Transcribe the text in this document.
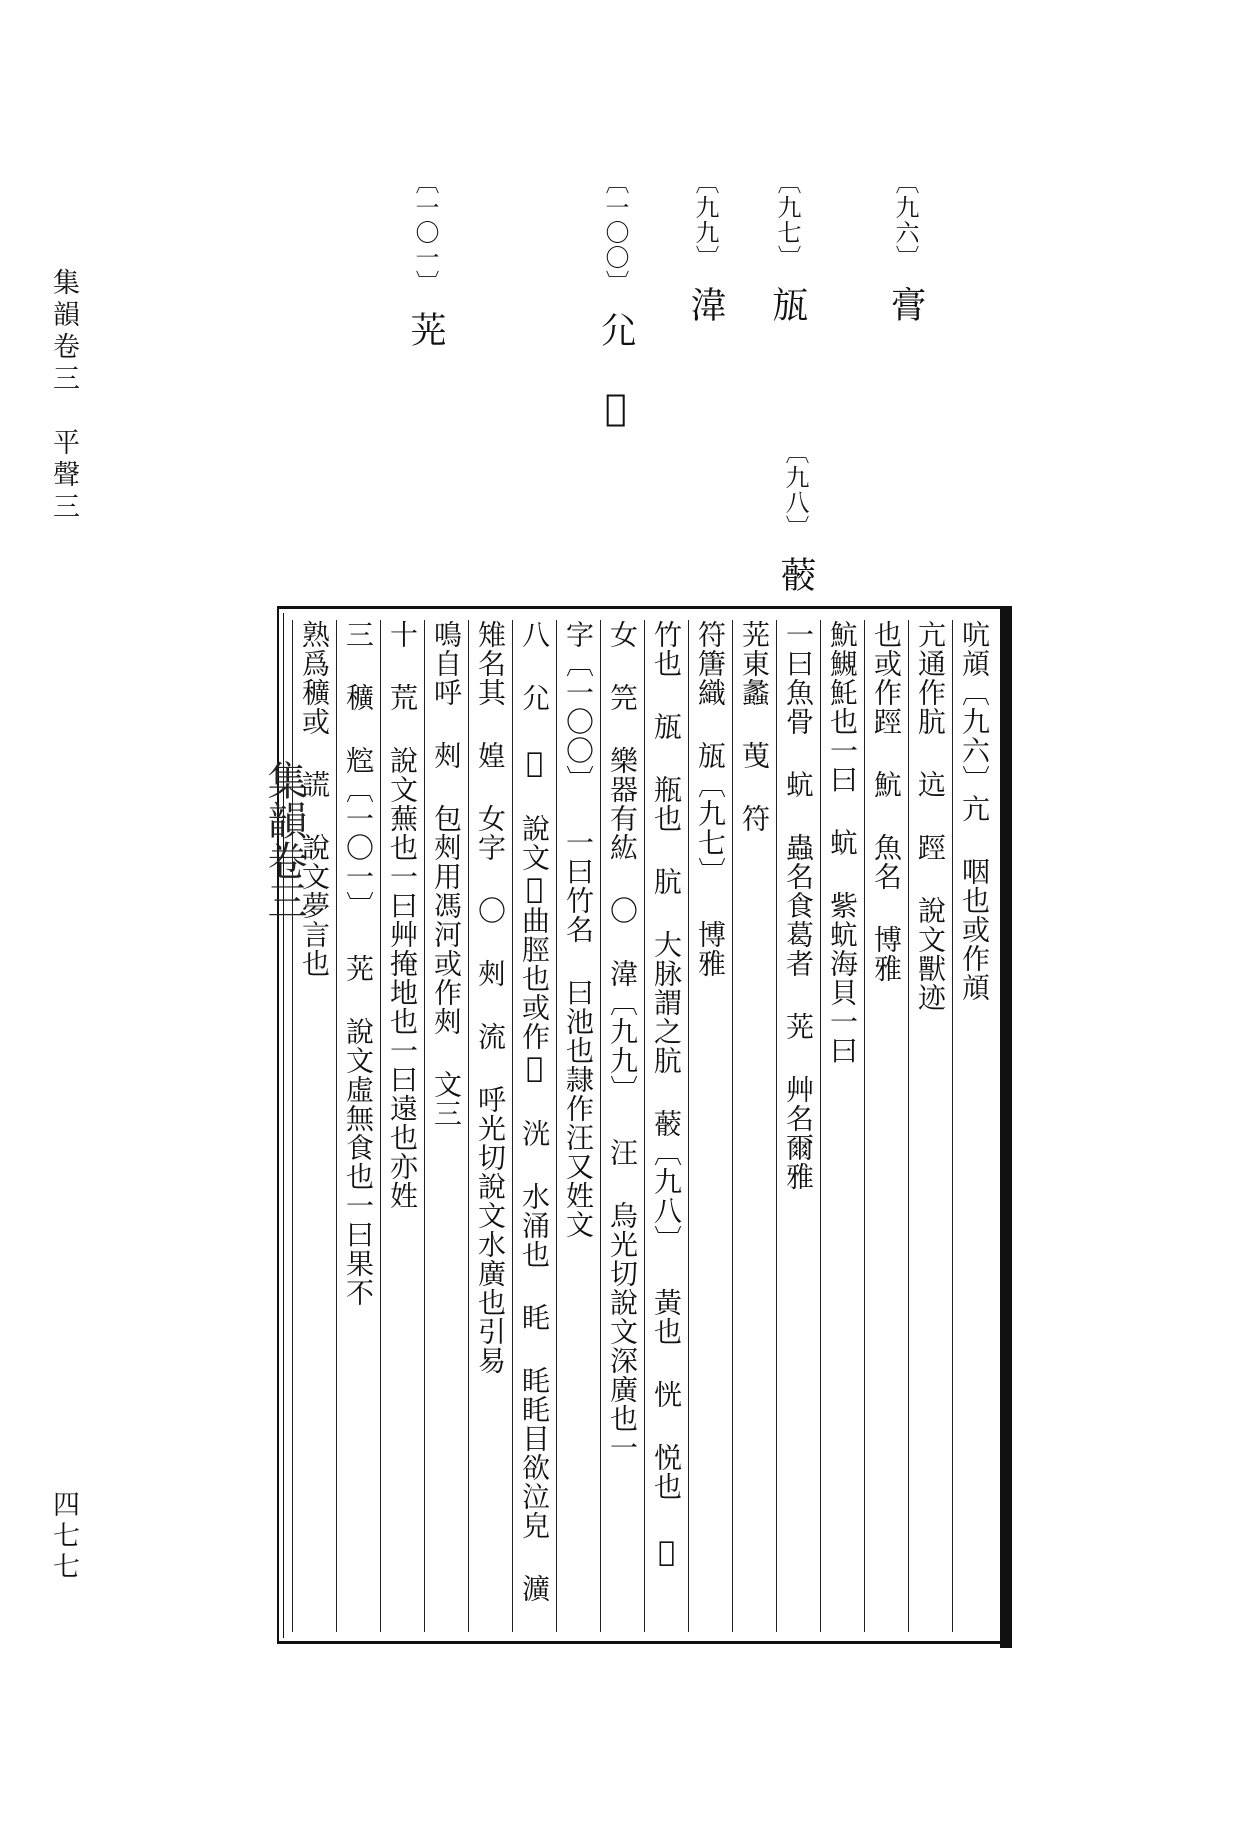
集韻卷三　平聲三
四七七
〔九六〕膏
〔九七〕瓬
〔九八〕䕧
〔九九〕湋
〔一〇〇〕尣 𥯄
〔一〇一〕茪
集韻卷三	吭頏〔九六〕亢 咽也或作頏
亢通作肮 迒 踁 說文獸迹
也或作踁 魧 魚名 博雅
魧䲅魠也一曰 蚢 紫蚢海貝一曰
一曰魚骨 蚢 蟲名食葛者 茪 艸名爾雅
茪東蠡 䒶 符
符篖織 瓬〔九七〕 博雅
竹也 瓬 瓶也 肮 大脉謂之肮 䕧〔九八〕 黃也 恍 悦也 𤰏
女 笎 樂器有紘 〇 湋〔九九〕 汪 烏光切說文深廣也一
字〔一〇〇〕 一曰竹名 曰池也隷作汪又姓文
八 尣 𥯄 說文𥯄曲脛也或作𥯄 洸 水涌也 眊 眊眊目欲泣皃 瀇
雉名其 媓 女字 〇 㓨 流 呼光切說文水廣也引易
鳴自呼 㓨 包㓨用馮河或作㓨 文三
十 荒 說文蕪也一曰艸掩地也一曰遠也亦姓
三 穬 䆪〔一〇一〕 茪 說文虛無食也一曰果不
熟爲穬或 謊 說文夢言也
